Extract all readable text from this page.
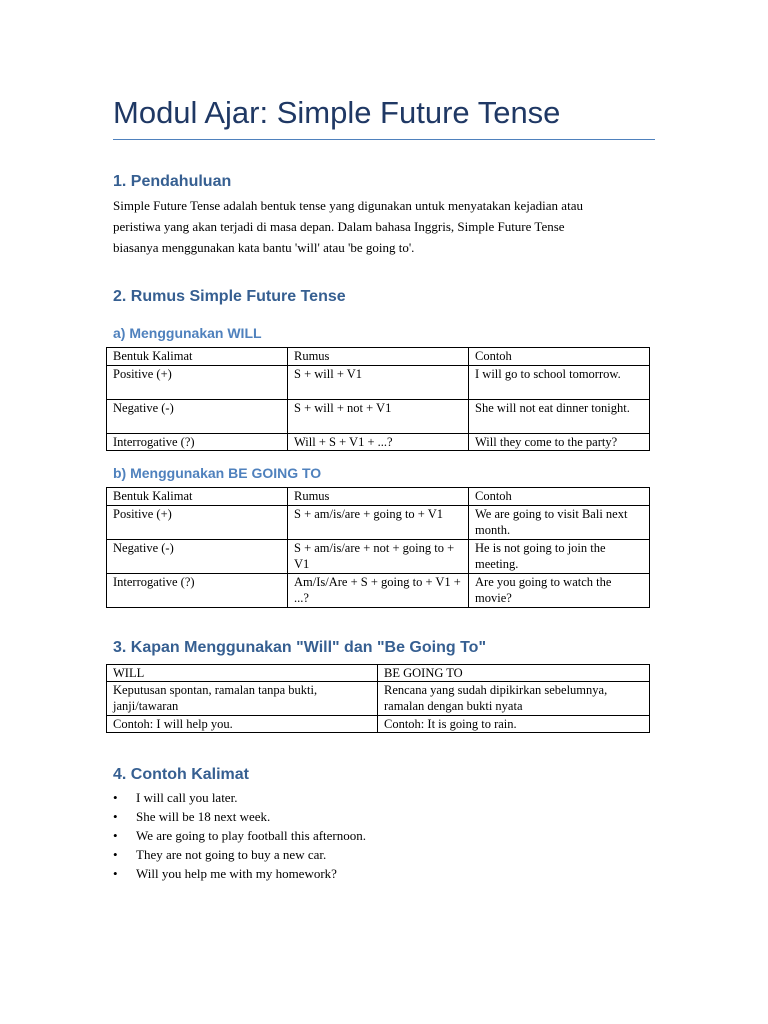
Modul Ajar: Simple Future Tense
1. Pendahuluan
Simple Future Tense adalah bentuk tense yang digunakan untuk menyatakan kejadian atau
peristiwa yang akan terjadi di masa depan. Dalam bahasa Inggris, Simple Future Tense
biasanya menggunakan kata bantu 'will' atau 'be going to'.
2. Rumus Simple Future Tense
a) Menggunakan WILL
Bentuk Kalimat	Rumus	Contoh
Positive (+)	S + will + V1	I will go to school tomorrow.
Negative (-)	S + will + not + V1	She will not eat dinner tonight.
Interrogative (?)	Will + S + V1 + ...?	Will they come to the party?
b) Menggunakan BE GOING TO
Bentuk Kalimat	Rumus	Contoh
Positive (+)	S + am/is/are + going to + V1	We are going to visit Bali next month.
Negative (-)	S + am/is/are + not + going to + V1	He is not going to join the meeting.
Interrogative (?)	Am/Is/Are + S + going to + V1 + ...?	Are you going to watch the movie?
3. Kapan Menggunakan "Will" dan "Be Going To"
WILL	BE GOING TO
Keputusan spontan, ramalan tanpa bukti, janji/tawaran	Rencana yang sudah dipikirkan sebelumnya, ramalan dengan bukti nyata
Contoh: I will help you.	Contoh: It is going to rain.
4. Contoh Kalimat
• I will call you later.
• She will be 18 next week.
• We are going to play football this afternoon.
• They are not going to buy a new car.
• Will you help me with my homework?
